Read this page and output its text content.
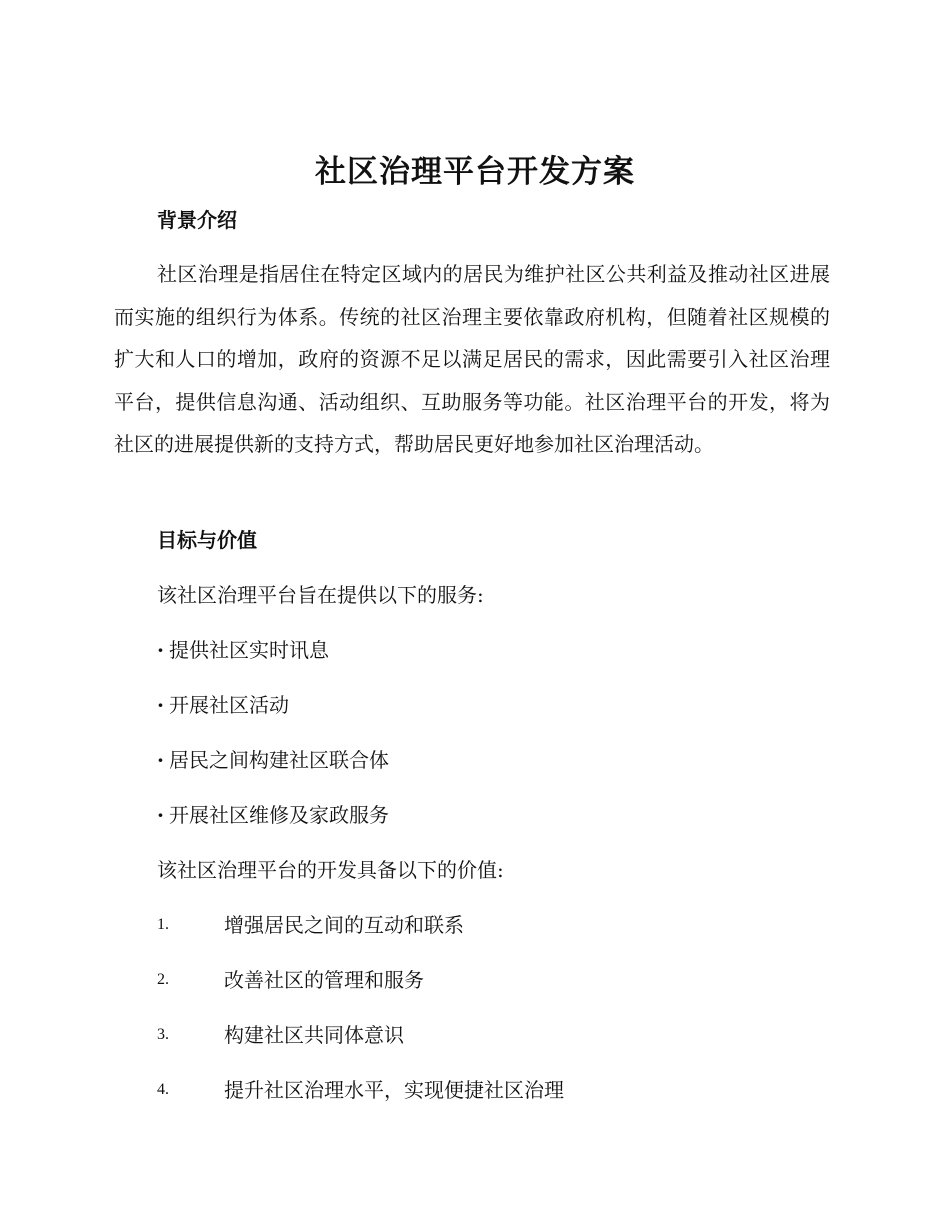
社区治理平台开发方案
背景介绍

社区治理是指居住在特定区域内的居民为维护社区公共利益及推动社区进展而实施的组织行为体系。传统的社区治理主要依靠政府机构，但随着社区规模的扩大和人口的增加，政府的资源不足以满足居民的需求，因此需要引入社区治理平台，提供信息沟通、活动组织、互助服务等功能。社区治理平台的开发，将为社区的进展提供新的支持方式，帮助居民更好地参加社区治理活动。

目标与价值

该社区治理平台旨在提供以下的服务:

· 提供社区实时讯息
· 开展社区活动
· 居民之间构建社区联合体
· 开展社区维修及家政服务

该社区治理平台的开发具备以下的价值:

1.	增强居民之间的互动和联系
2.	改善社区的管理和服务
3.	构建社区共同体意识
4.	提升社区治理水平，实现便捷社区治理
